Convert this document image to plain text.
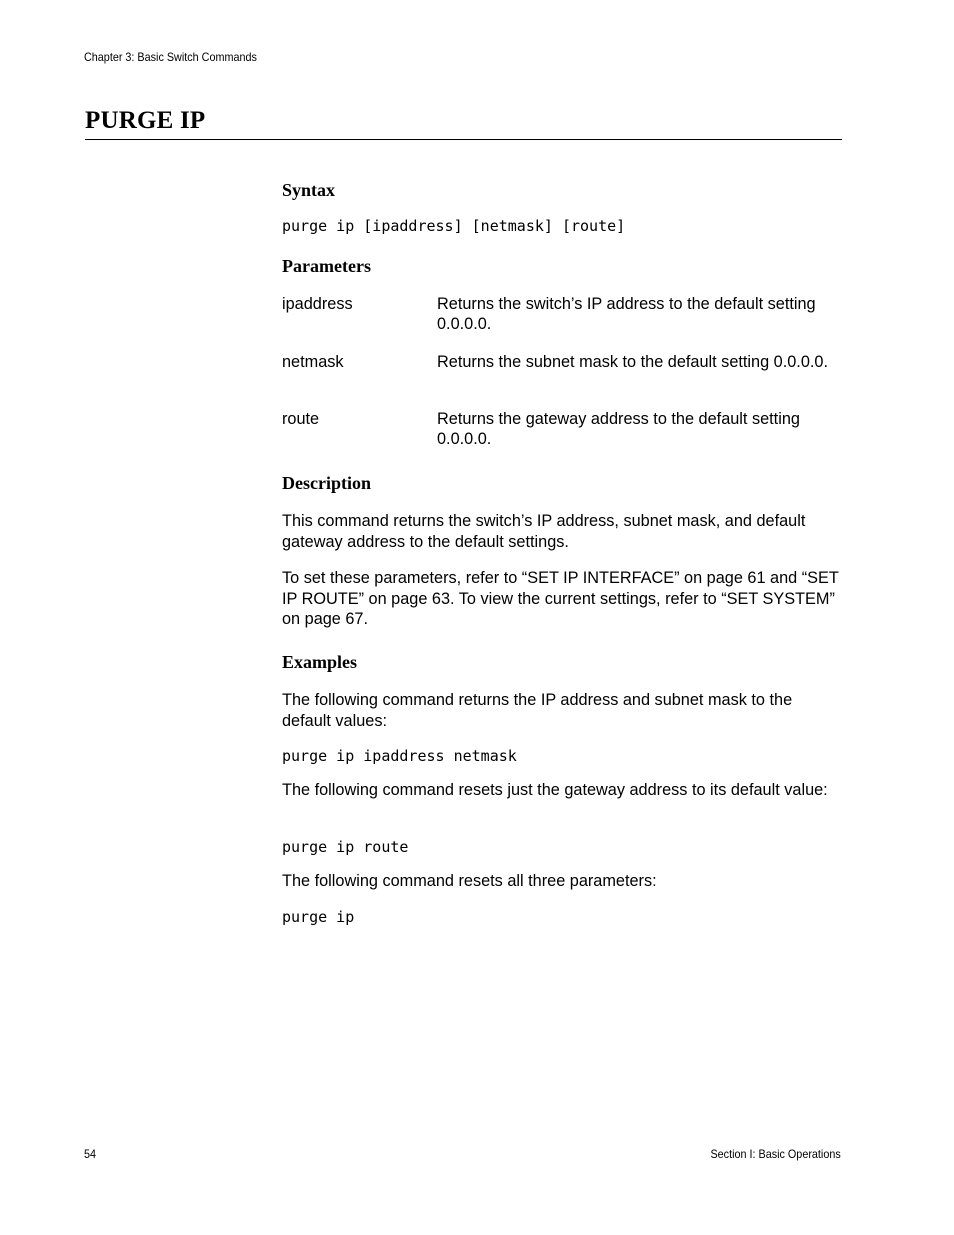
Chapter 3: Basic Switch Commands
PURGE IP
Syntax
purge ip [ipaddress] [netmask] [route]
Parameters
ipaddress	Returns the switch’s IP address to the default setting 0.0.0.0.
netmask	Returns the subnet mask to the default setting 0.0.0.0.
route	Returns the gateway address to the default setting 0.0.0.0.
Description
This command returns the switch’s IP address, subnet mask, and default gateway address to the default settings.
To set these parameters, refer to “SET IP INTERFACE” on page 61 and “SET IP ROUTE” on page 63. To view the current settings, refer to “SET SYSTEM” on page 67.
Examples
The following command returns the IP address and subnet mask to the default values:
purge ip ipaddress netmask
The following command resets just the gateway address to its default value:
purge ip route
The following command resets all three parameters:
purge ip
54	Section I: Basic Operations
